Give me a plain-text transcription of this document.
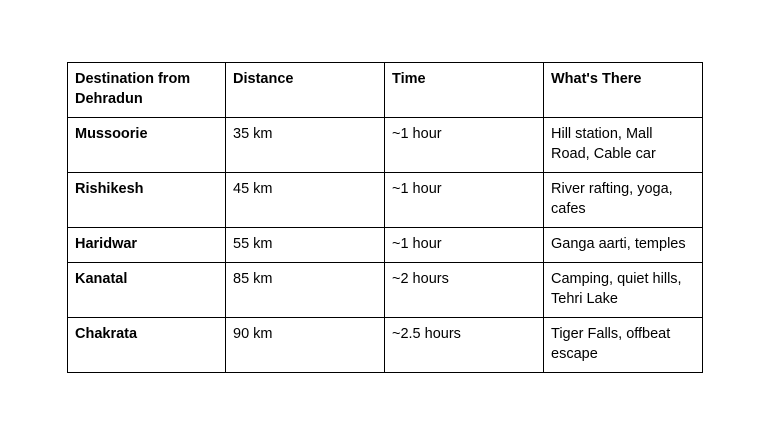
Destination from Dehradun	Distance	Time	What's There
Mussoorie	35 km	~1 hour	Hill station, Mall Road, Cable car
Rishikesh	45 km	~1 hour	River rafting, yoga, cafes
Haridwar	55 km	~1 hour	Ganga aarti, temples
Kanatal	85 km	~2 hours	Camping, quiet hills, Tehri Lake
Chakrata	90 km	~2.5 hours	Tiger Falls, offbeat escape
